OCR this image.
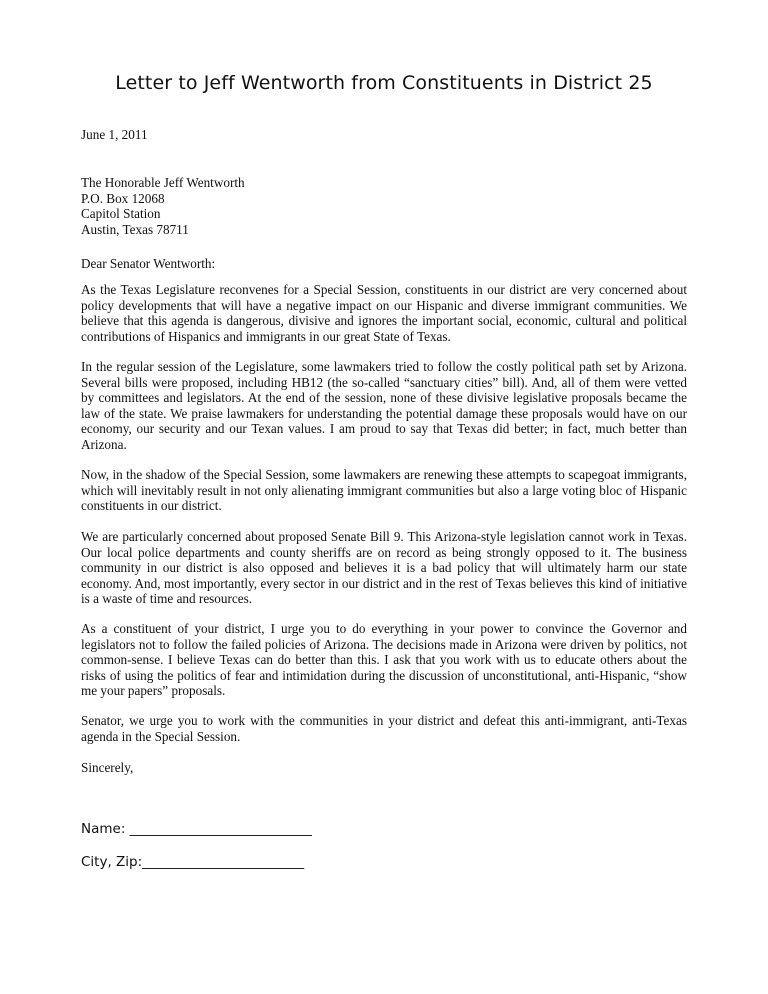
Letter to Jeff Wentworth from Constituents in District 25
June 1, 2011
The Honorable Jeff Wentworth
P.O. Box 12068
Capitol Station
Austin, Texas 78711
Dear Senator Wentworth:

As the Texas Legislature reconvenes for a Special Session, constituents in our district are very concerned about policy developments that will have a negative impact on our Hispanic and diverse immigrant communities. We believe that this agenda is dangerous, divisive and ignores the important social, economic, cultural and political contributions of Hispanics and immigrants in our great State of Texas.

In the regular session of the Legislature, some lawmakers tried to follow the costly political path set by Arizona. Several bills were proposed, including HB12 (the so-called “sanctuary cities” bill). And, all of them were vetted by committees and legislators. At the end of the session, none of these divisive legislative proposals became the law of the state. We praise lawmakers for understanding the potential damage these proposals would have on our economy, our security and our Texan values. I am proud to say that Texas did better; in fact, much better than Arizona.

Now, in the shadow of the Special Session, some lawmakers are renewing these attempts to scapegoat immigrants, which will inevitably result in not only alienating immigrant communities but also a large voting bloc of Hispanic constituents in our district.

We are particularly concerned about proposed Senate Bill 9. This Arizona-style legislation cannot work in Texas. Our local police departments and county sheriffs are on record as being strongly opposed to it. The business community in our district is also opposed and believes it is a bad policy that will ultimately harm our state economy. And, most importantly, every sector in our district and in the rest of Texas believes this kind of initiative is a waste of time and resources.

As a constituent of your district, I urge you to do everything in your power to convince the Governor and legislators not to follow the failed policies of Arizona. The decisions made in Arizona were driven by politics, not common-sense. I believe Texas can do better than this. I ask that you work with us to educate others about the risks of using the politics of fear and intimidation during the discussion of unconstitutional, anti-Hispanic, “show me your papers” proposals.

Senator, we urge you to work with the communities in your district and defeat this anti-immigrant, anti-Texas agenda in the Special Session.

Sincerely,
Name: ___________________________
City, Zip:________________________
